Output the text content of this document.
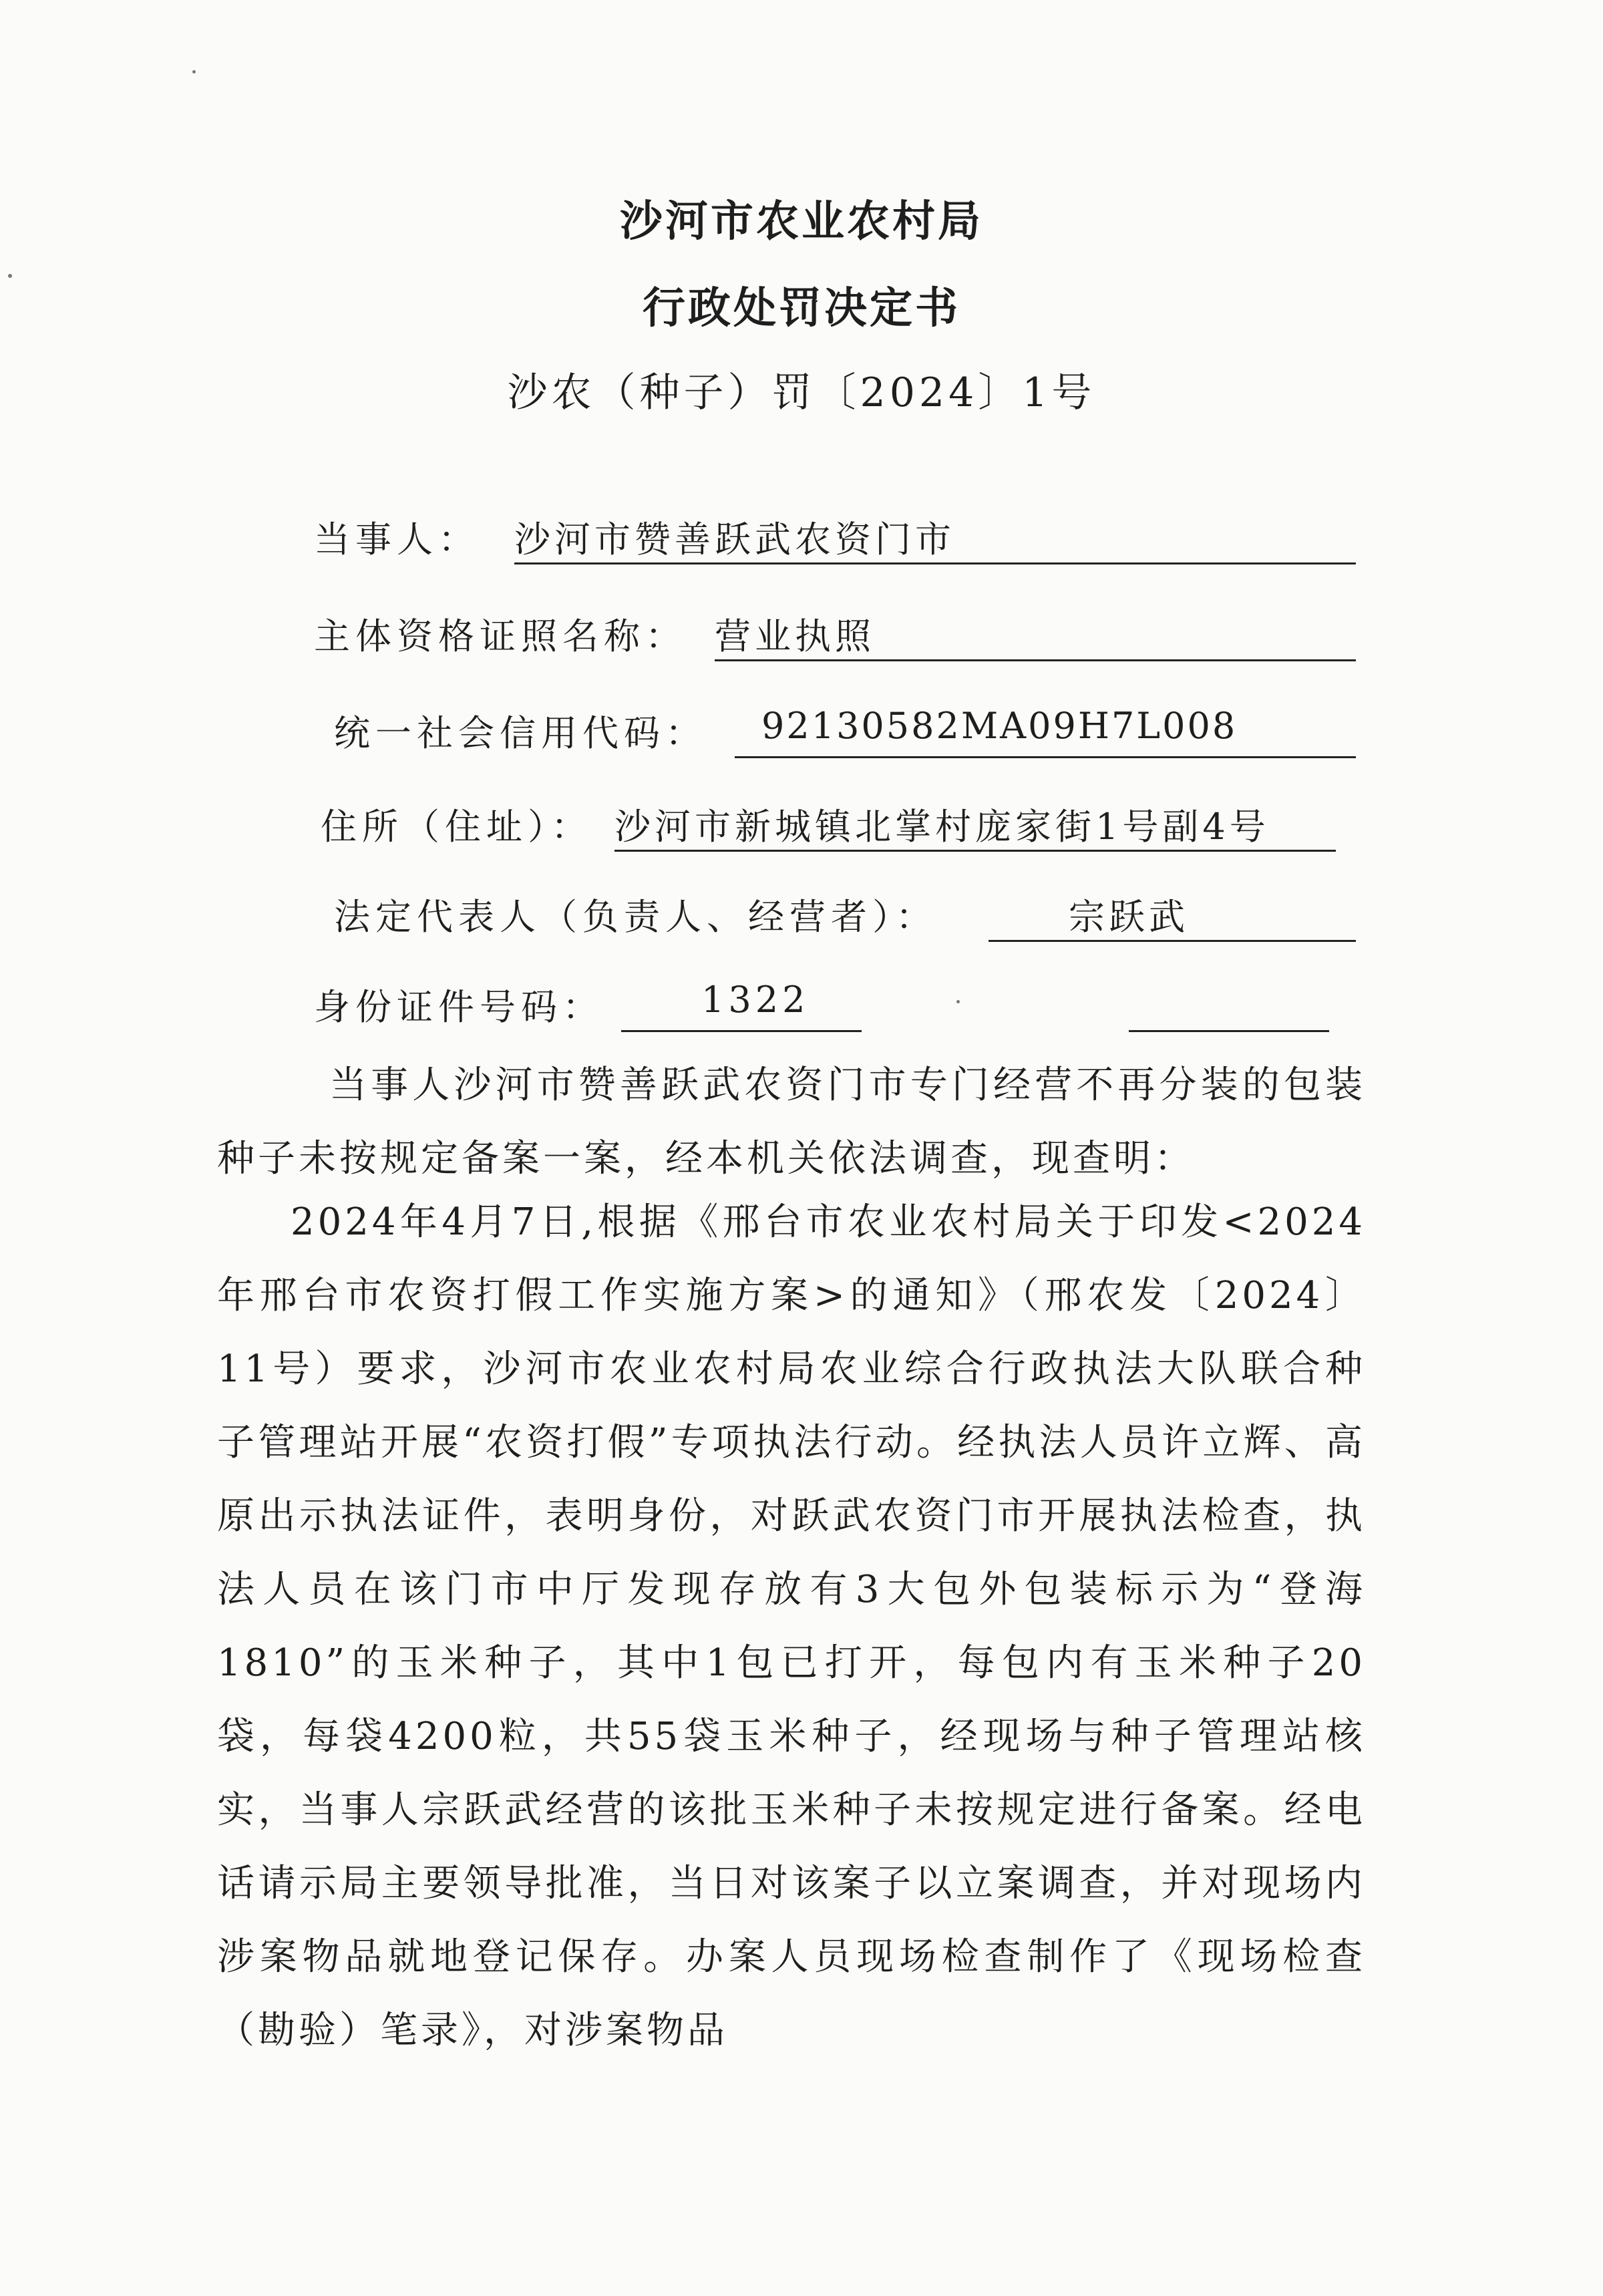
沙河市农业农村局
行政处罚决定书
沙农（种子）罚〔2024〕1号
当事人： 沙河市赞善跃武农资门市
主体资格证照名称： 营业执照
统一社会信用代码： 92130582MA09H7L008
住所（住址）： 沙河市新城镇北掌村庞家街1号副4号
法定代表人（负责人、经营者）：	宗跃武
身份证件号码：	1322
当事人沙河市赞善跃武农资门市专门经营不再分装的包装种子未按规定备案一案，经本机关依法调查，现查明：
2024年4月7日,根据《邢台市农业农村局关于印发<2024年邢台市农资打假工作实施方案>的通知》（邢农发〔2024〕11号）要求，沙河市农业农村局农业综合行政执法大队联合种子管理站开展“农资打假”专项执法行动。经执法人员许立辉、高原出示执法证件，表明身份，对跃武农资门市开展执法检查，执法人员在该门市中厅发现存放有3大包外包装标示为“登海1810”的玉米种子，其中1包已打开，每包内有玉米种子20袋，每袋4200粒，共55袋玉米种子，经现场与种子管理站核实，当事人宗跃武经营的该批玉米种子未按规定进行备案。经电话请示局主要领导批准，当日对该案子以立案调查，并对现场内涉案物品就地登记保存。办案人员现场检查制作了《现场检查（勘验）笔录》，对涉案物品
